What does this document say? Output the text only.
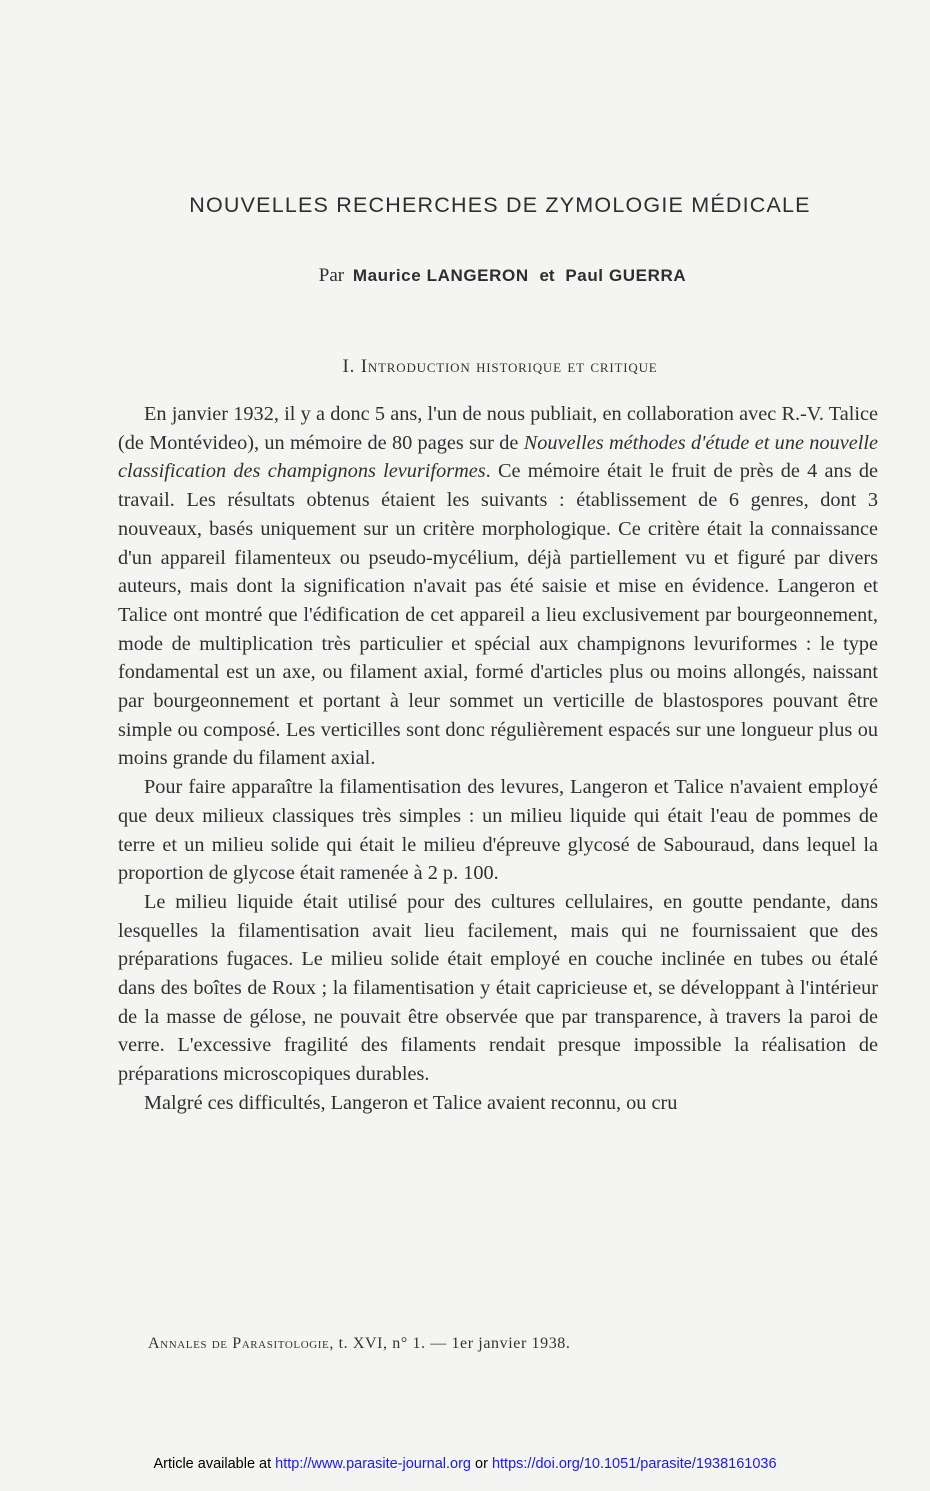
NOUVELLES RECHERCHES DE ZYMOLOGIE MÉDICALE
Par Maurice LANGERON et Paul GUERRA
I. Introduction historique et critique

En janvier 1932, il y a donc 5 ans, l'un de nous publiait, en collaboration avec R.-V. Talice (de Montévideo), un mémoire de 80 pages sur de Nouvelles méthodes d'étude et une nouvelle classification des champignons levuriformes. Ce mémoire était le fruit de près de 4 ans de travail. Les résultats obtenus étaient les suivants : établissement de 6 genres, dont 3 nouveaux, basés uniquement sur un critère morphologique. Ce critère était la connaissance d'un appareil filamenteux ou pseudo-mycélium, déjà partiellement vu et figuré par divers auteurs, mais dont la signification n'avait pas été saisie et mise en évidence. Langeron et Talice ont montré que l'édification de cet appareil a lieu exclusivement par bourgeonnement, mode de multiplication très particulier et spécial aux champignons levuriformes : le type fondamental est un axe, ou filament axial, formé d'articles plus ou moins allongés, naissant par bourgeonnement et portant à leur sommet un verticille de blastospores pouvant être simple ou composé. Les verticilles sont donc régulièrement espacés sur une longueur plus ou moins grande du filament axial.

Pour faire apparaître la filamentisation des levures, Langeron et Talice n'avaient employé que deux milieux classiques très simples : un milieu liquide qui était l'eau de pommes de terre et un milieu solide qui était le milieu d'épreuve glycosé de Sabouraud, dans lequel la proportion de glycose était ramenée à 2 p. 100.

Le milieu liquide était utilisé pour des cultures cellulaires, en goutte pendante, dans lesquelles la filamentisation avait lieu facilement, mais qui ne fournissaient que des préparations fugaces. Le milieu solide était employé en couche inclinée en tubes ou étalé dans des boîtes de Roux ; la filamentisation y était capricieuse et, se développant à l'intérieur de la masse de gélose, ne pouvait être observée que par transparence, à travers la paroi de verre. L'excessive fragilité des filaments rendait presque impossible la réalisation de préparations microscopiques durables.

Malgré ces difficultés, Langeron et Talice avaient reconnu, ou cru

Annales de Parasitologie, t. XVI, n° 1. — 1er janvier 1938.
Article available at http://www.parasite-journal.org or https://doi.org/10.1051/parasite/1938161036
